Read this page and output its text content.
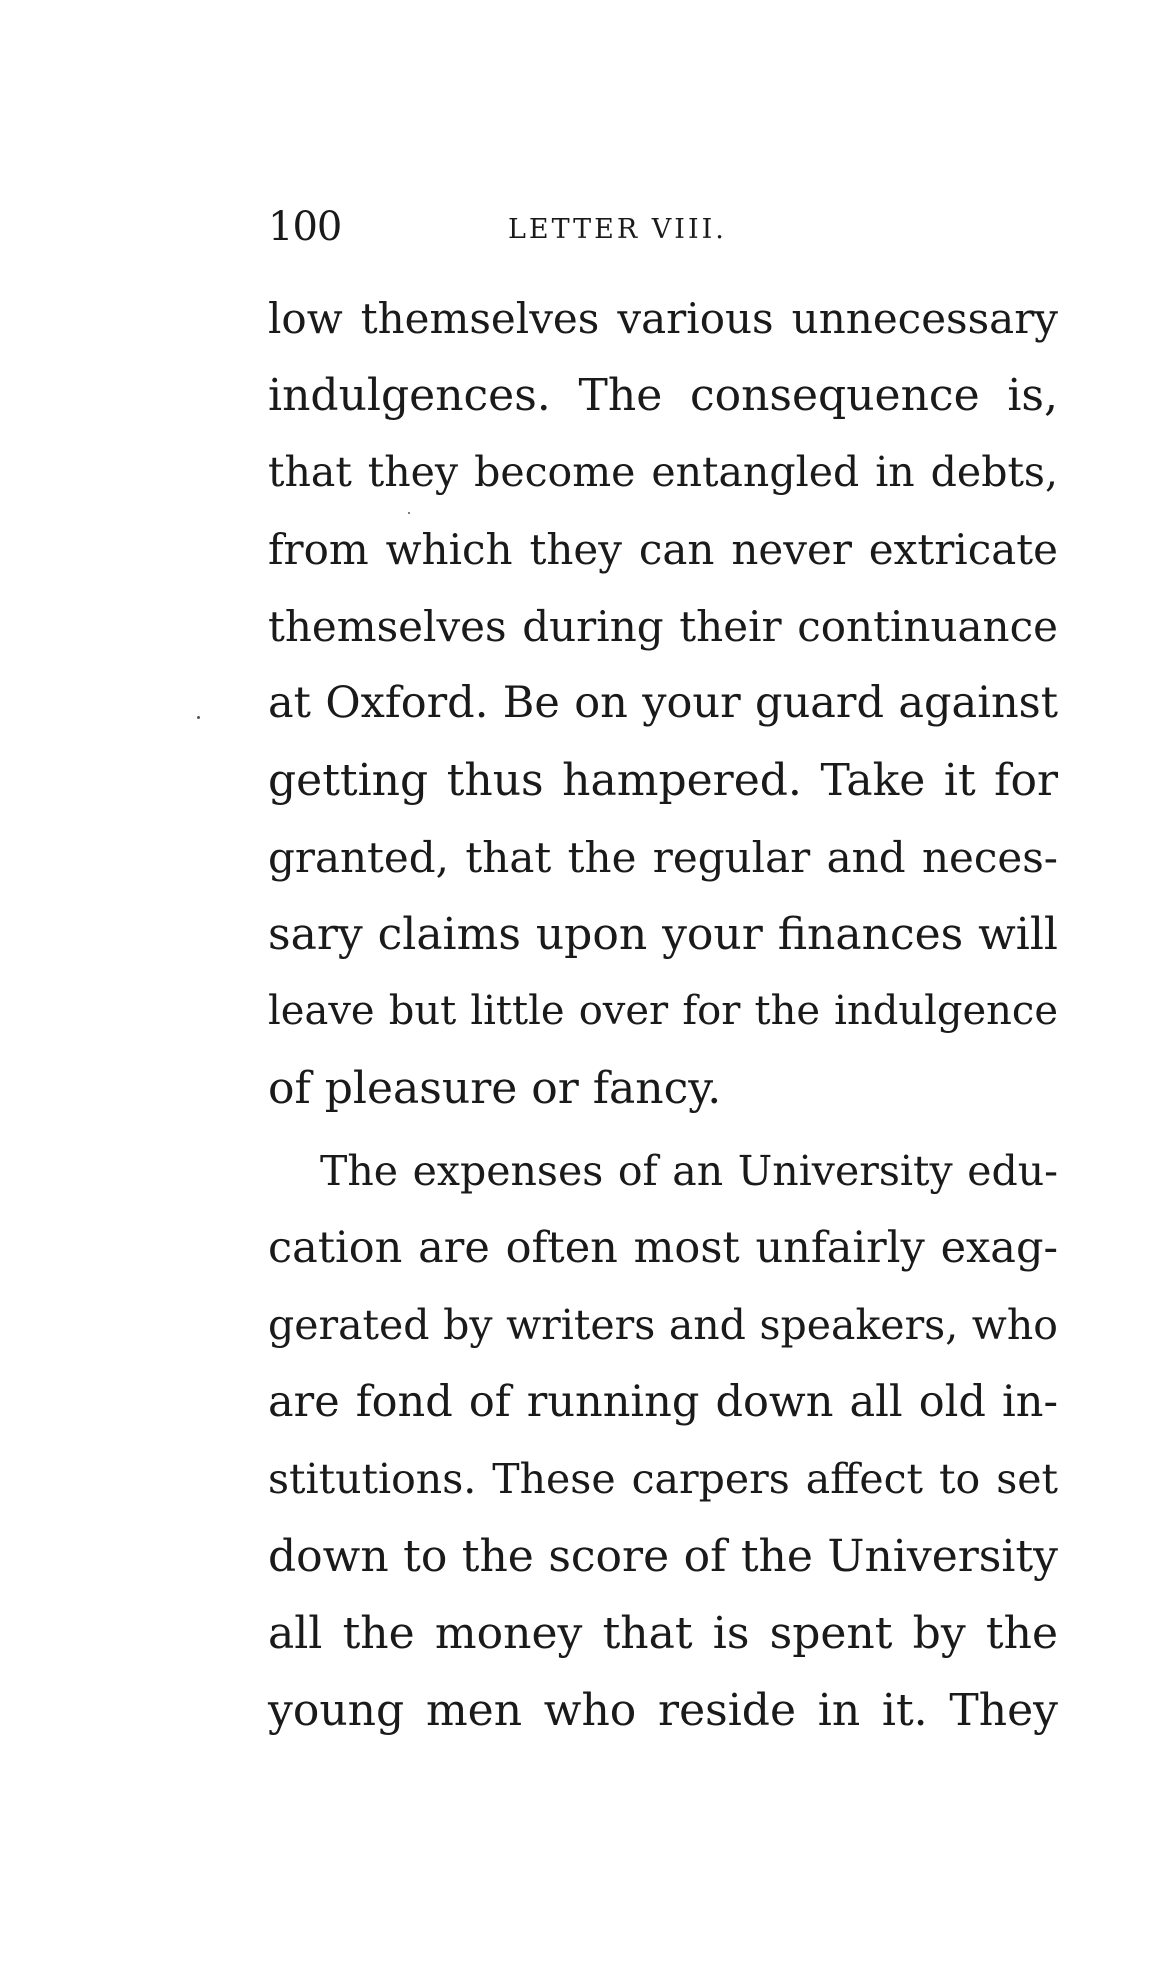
100	LETTER VIII.
low themselves various unnecessary
indulgences. The consequence is,
that they become entangled in debts,
from which they can never extricate
themselves during their continuance
at Oxford. Be on your guard against
getting thus hampered. Take it for
granted, that the regular and neces-
sary claims upon your finances will
leave but little over for the indulgence
of pleasure or fancy.
The expenses of an University edu-
cation are often most unfairly exag-
gerated by writers and speakers, who
are fond of running down all old in-
stitutions. These carpers affect to set
down to the score of the University
all the money that is spent by the
young men who reside in it. They
